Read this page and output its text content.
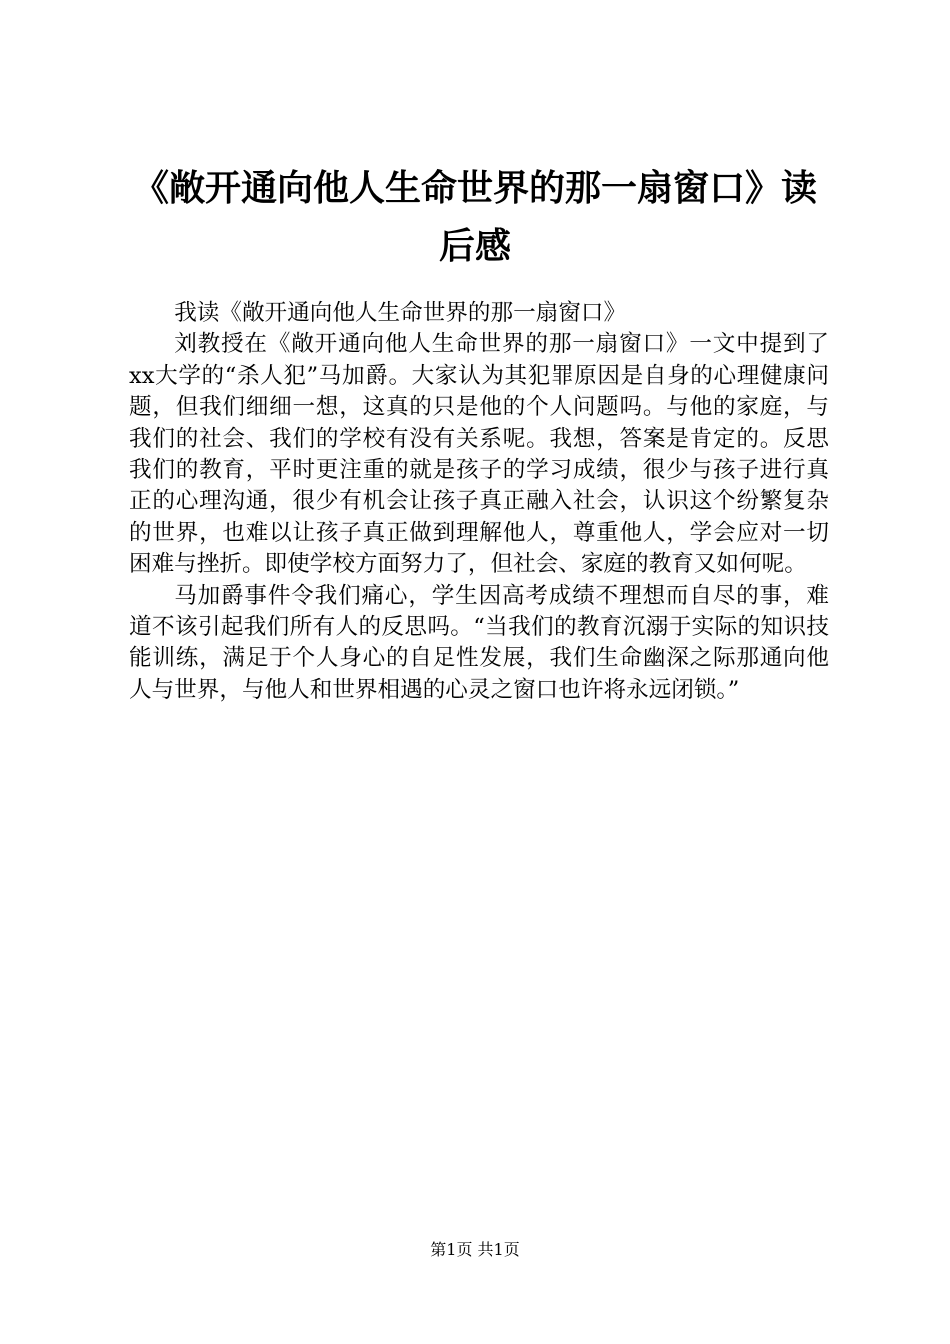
《敞开通向他人生命世界的那一扇窗口》读后感

我读《敞开通向他人生命世界的那一扇窗口》

刘教授在《敞开通向他人生命世界的那一扇窗口》一文中提到了xx大学的“杀人犯”马加爵。大家认为其犯罪原因是自身的心理健康问题，但我们细细一想，这真的只是他的个人问题吗。与他的家庭，与我们的社会、我们的学校有没有关系呢。我想，答案是肯定的。反思我们的教育，平时更注重的就是孩子的学习成绩，很少与孩子进行真正的心理沟通，很少有机会让孩子真正融入社会，认识这个纷繁复杂的世界，也难以让孩子真正做到理解他人，尊重他人，学会应对一切困难与挫折。即使学校方面努力了，但社会、家庭的教育又如何呢。

马加爵事件令我们痛心，学生因高考成绩不理想而自尽的事，难道不该引起我们所有人的反思吗。“当我们的教育沉溺于实际的知识技能训练，满足于个人身心的自足性发展，我们生命幽深之际那通向他人与世界，与他人和世界相遇的心灵之窗口也许将永远闭锁。”

第1页 共1页
